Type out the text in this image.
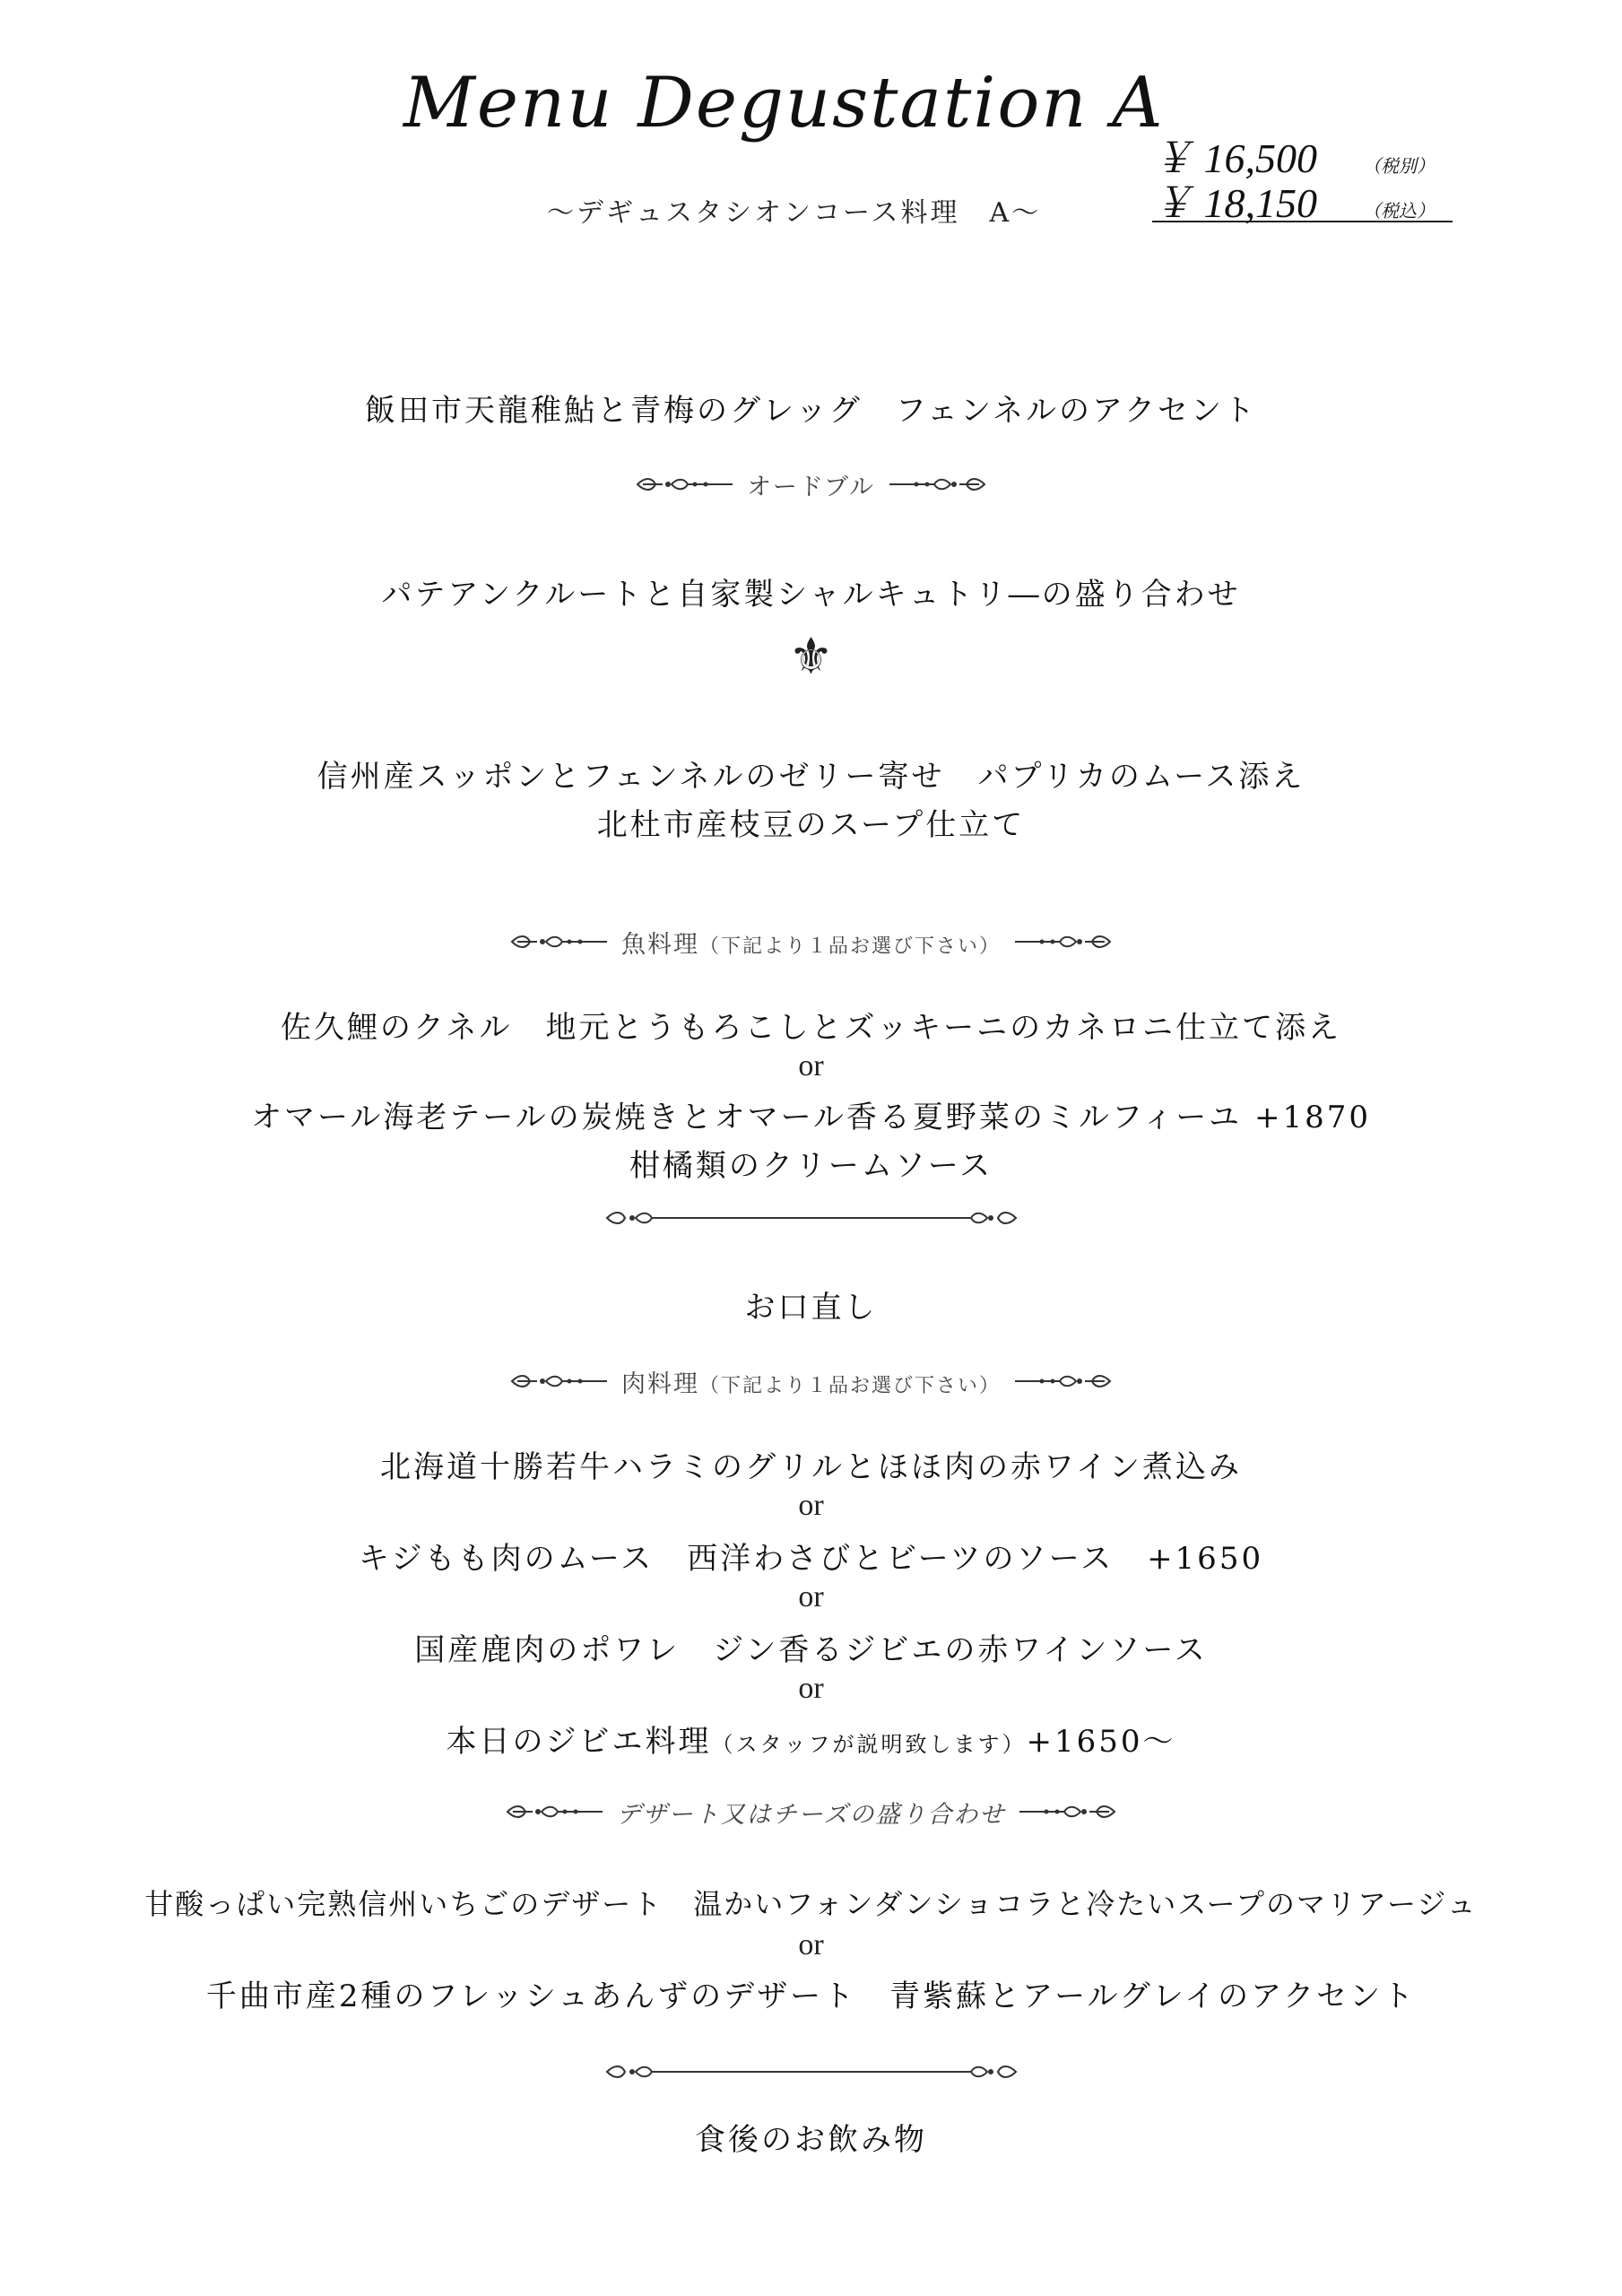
Menu Degustation A
～デギュスタシオンコース料理　A～
￥ 16,500	（税別）
￥ 18,150	（税込）
飯田市天龍稚鮎と青梅のグレッグ　フェンネルのアクセント
オードブル
パテアンクルートと自家製シャルキュトリ―の盛り合わせ
⚜
信州産スッポンとフェンネルのゼリー寄せ　パプリカのムース添え
北杜市産枝豆のスープ仕立て
魚料理（下記より１品お選び下さい）
佐久鯉のクネル　地元とうもろこしとズッキーニのカネロニ仕立て添え
or
オマール海老テールの炭焼きとオマール香る夏野菜のミルフィーユ +1870
柑橘類のクリームソース
お口直し
肉料理（下記より１品お選び下さい）
北海道十勝若牛ハラミのグリルとほほ肉の赤ワイン煮込み
or
キジもも肉のムース　西洋わさびとビーツのソース　+1650
or
国産鹿肉のポワレ　ジン香るジビエの赤ワインソース
or
本日のジビエ料理（スタッフが説明致します）+1650～
デザート又はチーズの盛り合わせ
甘酸っぱい完熟信州いちごのデザート　温かいフォンダンショコラと冷たいスープのマリアージュ
or
千曲市産2種のフレッシュあんずのデザート　青紫蘇とアールグレイのアクセント
食後のお飲み物
